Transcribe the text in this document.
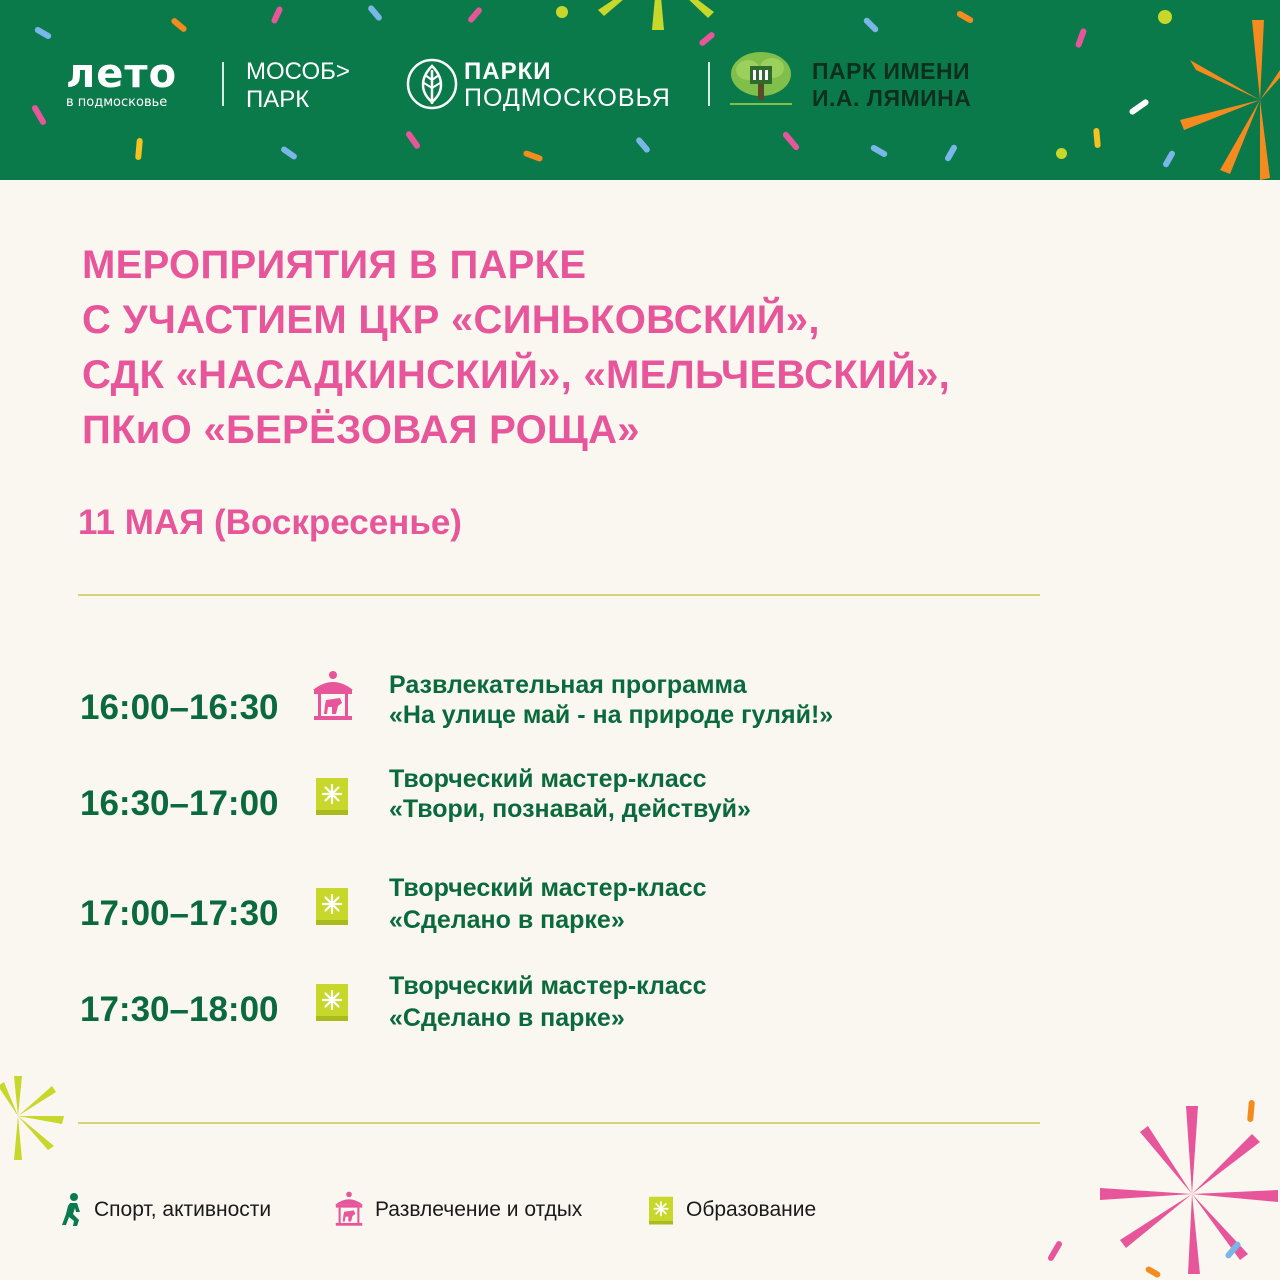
лето
в подмосковье
МОСОБ>
ПАРК
ПАРКИ
ПОДМОСКОВЬЯ
ПАРК ИМЕНИ
И.А. ЛЯМИНА
МЕРОПРИЯТИЯ В ПАРКЕ
С УЧАСТИЕМ ЦКР «СИНЬКОВСКИЙ»,
СДК «НАСАДКИНСКИЙ», «МЕЛЬЧЕВСКИЙ»,
ПКиО «БЕРЁЗОВАЯ РОЩА»
11 МАЯ (Воскресенье)
16:00–16:30
Развлекательная программа
«На улице май - на природе гуляй!»
16:30–17:00
Творческий мастер-класс
«Твори, познавай, действуй»
17:00–17:30
Творческий мастер-класс
«Сделано в парке»
17:30–18:00
Творческий мастер-класс
«Сделано в парке»
Спорт, активности	Развлечение и отдых	Образование
